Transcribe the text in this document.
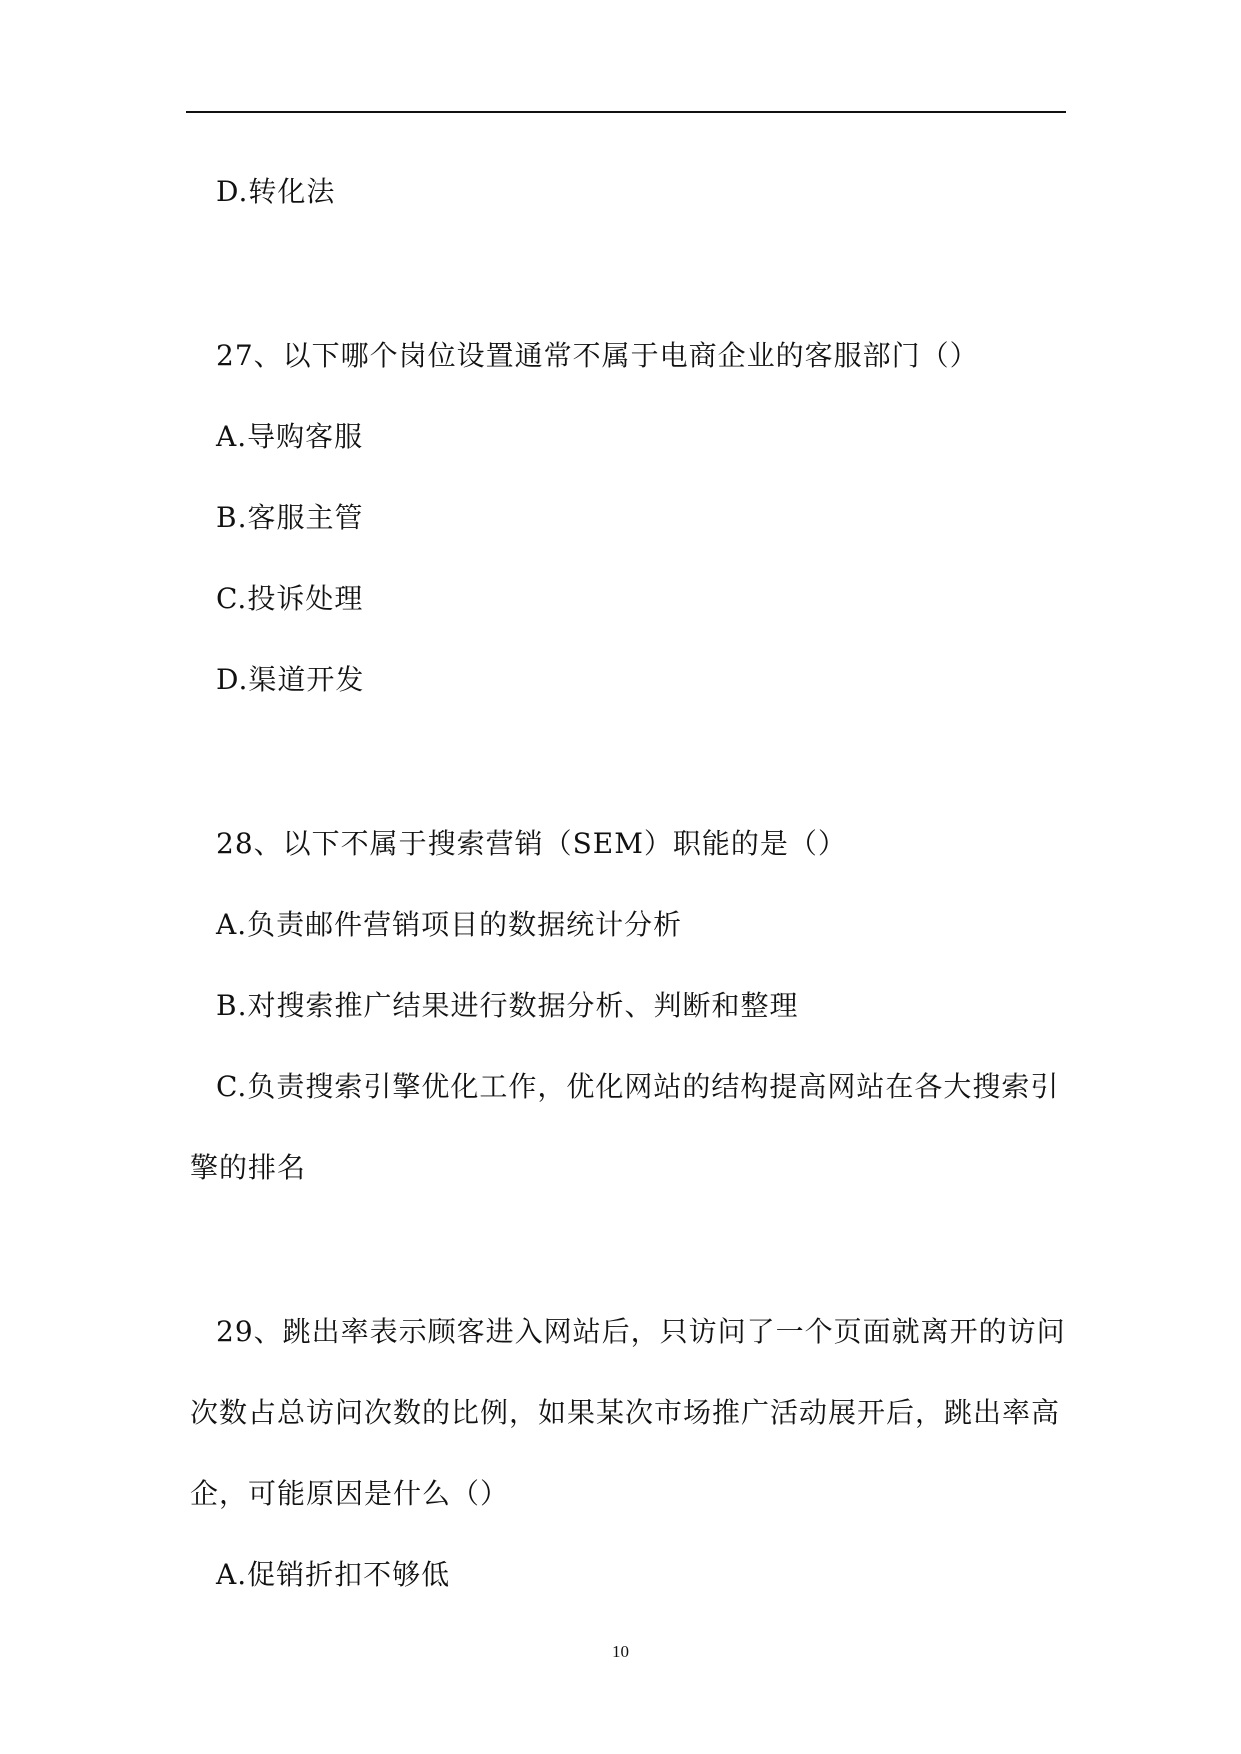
D.转化法
27、以下哪个岗位设置通常不属于电商企业的客服部门（）
A.导购客服
B.客服主管
C.投诉处理
D.渠道开发
28、以下不属于搜索营销（SEM）职能的是（）
A.负责邮件营销项目的数据统计分析
B.对搜索推广结果进行数据分析、判断和整理
C.负责搜索引擎优化工作，优化网站的结构提高网站在各大搜索引
擎的排名
29、跳出率表示顾客进入网站后，只访问了一个页面就离开的访问
次数占总访问次数的比例，如果某次市场推广活动展开后，跳出率高
企，可能原因是什么（）
A.促销折扣不够低
10
